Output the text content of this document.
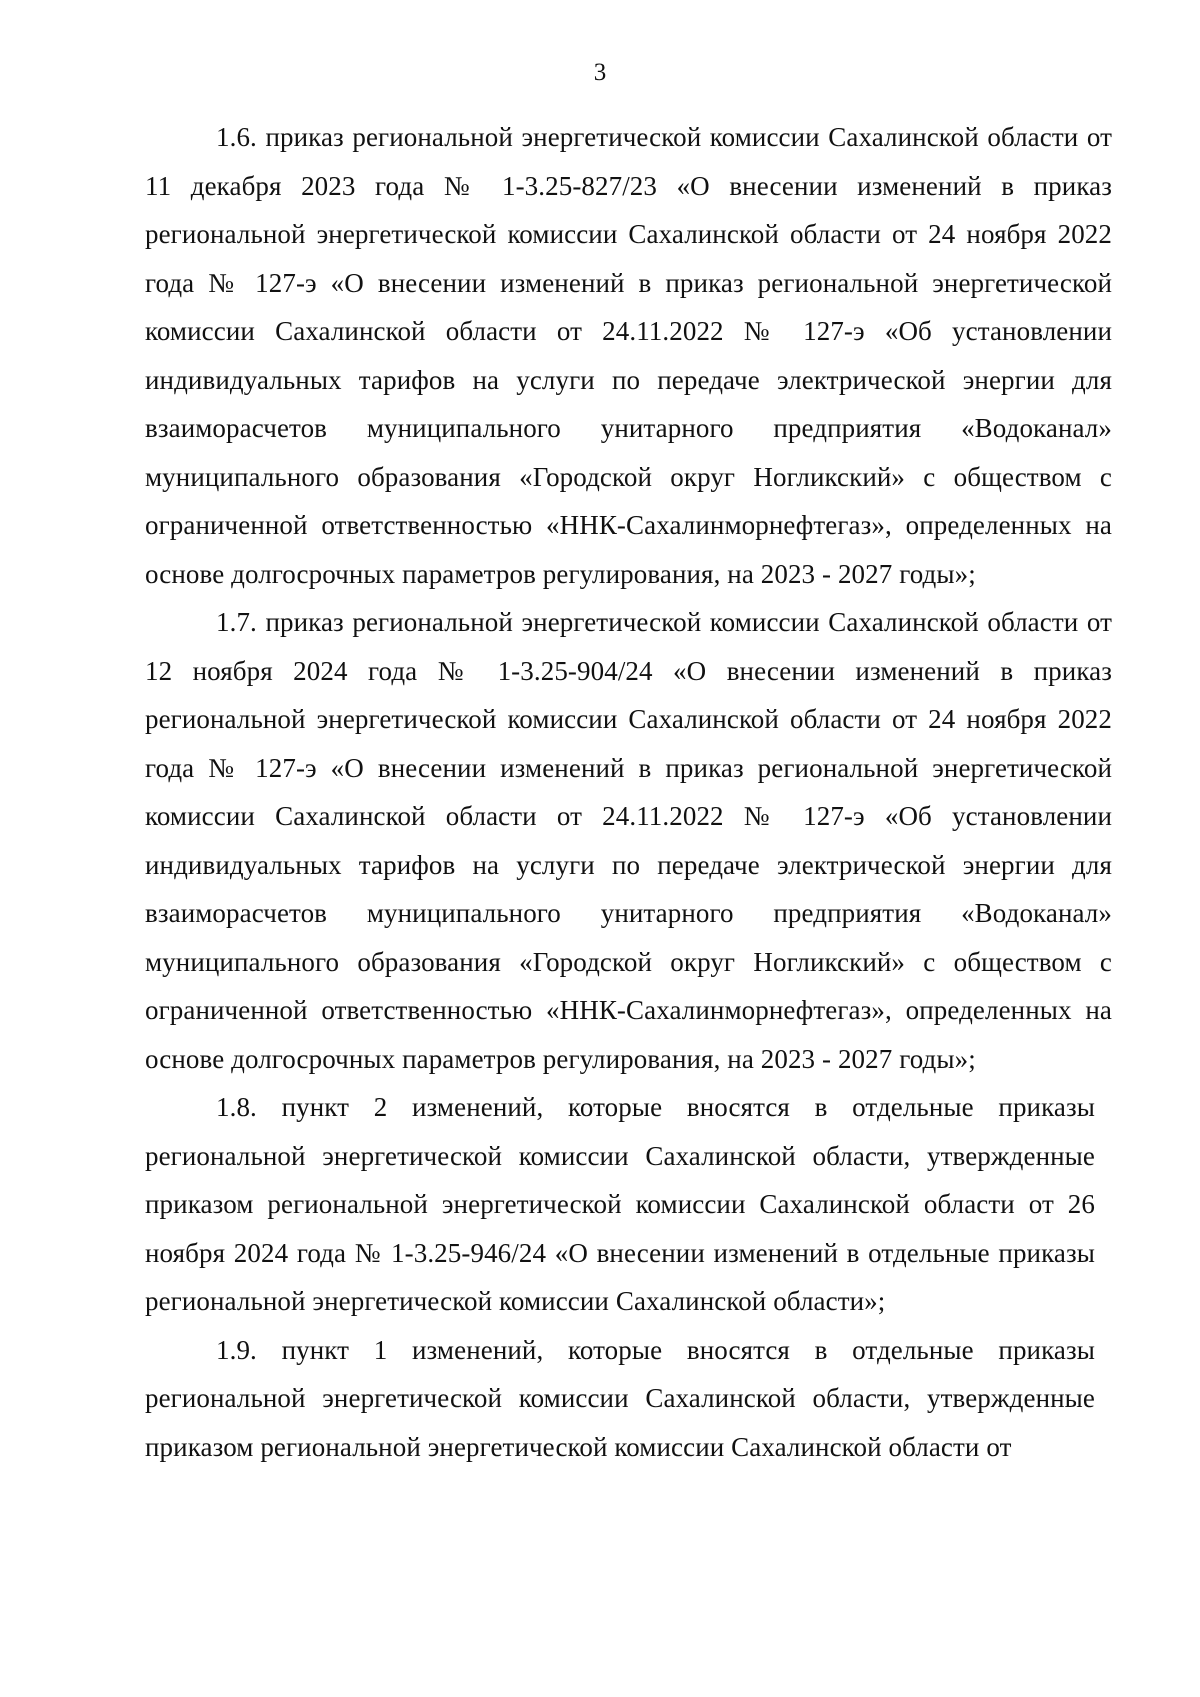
3

1.6. приказ региональной энергетической комиссии Сахалинской области от 11 декабря 2023 года № 1-3.25-827/23 «О внесении изменений в приказ региональной энергетической комиссии Сахалинской области от 24 ноября 2022 года № 127-э «О внесении изменений в приказ региональной энергетической комиссии Сахалинской области от 24.11.2022 № 127-э «Об установлении индивидуальных тарифов на услуги по передаче электрической энергии для взаиморасчетов муниципального унитарного предприятия «Водоканал» муниципального образования «Городской округ Ногликский» с обществом с ограниченной ответственностью «ННК-Сахалинморнефтегаз», определенных на основе долгосрочных параметров регулирования, на 2023 - 2027 годы»;

1.7. приказ региональной энергетической комиссии Сахалинской области от 12 ноября 2024 года № 1-3.25-904/24 «О внесении изменений в приказ региональной энергетической комиссии Сахалинской области от 24 ноября 2022 года № 127-э «О внесении изменений в приказ региональной энергетической комиссии Сахалинской области от 24.11.2022 № 127-э «Об установлении индивидуальных тарифов на услуги по передаче электрической энергии для взаиморасчетов муниципального унитарного предприятия «Водоканал» муниципального образования «Городской округ Ногликский» с обществом с ограниченной ответственностью «ННК-Сахалинморнефтегаз», определенных на основе долгосрочных параметров регулирования, на 2023 - 2027 годы»;

1.8. пункт 2 изменений, которые вносятся в отдельные приказы региональной энергетической комиссии Сахалинской области, утвержденные приказом региональной энергетической комиссии Сахалинской области от 26 ноября 2024 года № 1-3.25-946/24 «О внесении изменений в отдельные приказы региональной энергетической комиссии Сахалинской области»;

1.9. пункт 1 изменений, которые вносятся в отдельные приказы региональной энергетической комиссии Сахалинской области, утвержденные приказом региональной энергетической комиссии Сахалинской области от
